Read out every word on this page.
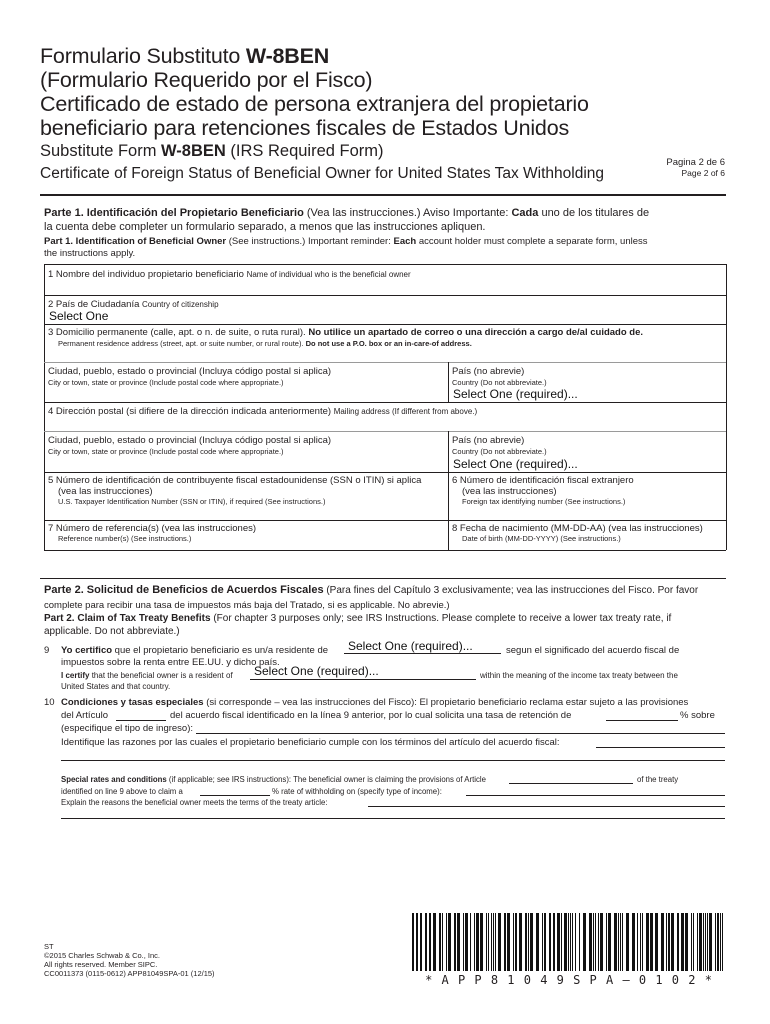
Formulario Substituto W-8BEN
(Formulario Requerido por el Fisco)
Certificado de estado de persona extranjera del propietario
beneficiario para retenciones fiscales de Estados Unidos
Substitute Form W-8BEN (IRS Required Form)
Certificate of Foreign Status of Beneficial Owner for United States Tax Withholding
Pagina 2 de 6
Page 2 of 6
Parte 1. Identificación del Propietario Beneficiario (Vea las instrucciones.) Aviso Importante: Cada uno de los titulares de
la cuenta debe completer un formulario separado, a menos que las instrucciones apliquen.
Part 1. Identification of Beneficial Owner (See instructions.) Important reminder: Each account holder must complete a separate form, unless
the instructions apply.
1 Nombre del individuo propietario beneficiario Name of individual who is the beneficial owner
2 País de Ciudadanía Country of citizenship
Select One
3 Domicilio permanente (calle, apt. o n. de suite, o ruta rural). No utilice un apartado de correo o una dirección a cargo de/al cuidado de.
Permanent residence address (street, apt. or suite number, or rural route). Do not use a P.O. box or an in-care-of address.
Ciudad, pueblo, estado o provincial (Incluya código postal si aplica)
City or town, state or province (Include postal code where appropriate.)
País (no abrevie)
Country (Do not abbreviate.)
Select One (required)...
4 Dirección postal (si difiere de la dirección indicada anteriormente) Mailing address (If different from above.)
Ciudad, pueblo, estado o provincial (Incluya código postal si aplica)
City or town, state or province (Include postal code where appropriate.)
País (no abrevie)
Country (Do not abbreviate.)
Select One (required)...
5 Número de identificación de contribuyente fiscal estadounidense (SSN o ITIN) si aplica
(vea las instrucciones)
U.S. Taxpayer Identification Number (SSN or ITIN), if required (See instructions.)
6 Número de identificación fiscal extranjero
(vea las instrucciones)
Foreign tax identifying number (See instructions.)
7 Número de referencia(s) (vea las instrucciones)
Reference number(s) (See instructions.)
8 Fecha de nacimiento (MM-DD-AA) (vea las instrucciones)
Date of birth (MM-DD-YYYY) (See instructions.)
Parte 2. Solicitud de Beneficios de Acuerdos Fiscales (Para fines del Capítulo 3 exclusivamente; vea las instrucciones del Fisco. Por favor
complete para recibir una tasa de impuestos más baja del Tratado, si es applicable. No abrevie.)
Part 2. Claim of Tax Treaty Benefits (For chapter 3 purposes only; see IRS Instructions. Please complete to receive a lower tax treaty rate, if
applicable. Do not abbreviate.)
9 Yo certifico que el propietario beneficiario es un/a residente de Select One (required)...	segun el significado del acuerdo fiscal de
impuestos sobre la renta entre EE.UU. y dicho país.
I certify that the beneficial owner is a resident of Select One (required)...	within the meaning of the income tax treaty between the
United States and that country.
10 Condiciones y tasas especiales (si corresponde – vea las instrucciones del Fisco): El propietario beneficiario reclama estar sujeto a las provisiones
del Artículo	del acuerdo fiscal identificado en la línea 9 anterior, por lo cual solicita una tasa de retención de	% sobre
(especifique el tipo de ingreso):
Identifique las razones por las cuales el propietario beneficiario cumple con los términos del artículo del acuerdo fiscal:
Special rates and conditions (if applicable; see IRS instructions): The beneficial owner is claiming the provisions of Article	of the treaty
identified on line 9 above to claim a	% rate of withholding on (specify type of income):
Explain the reasons the beneficial owner meets the terms of the treaty article:
ST
©2015 Charles Schwab & Co., Inc.
All rights reserved. Member SIPC.
CC0011373 (0115-0612) APP81049SPA-01 (12/15)	* A P P 8 1 0 4 9 S P A – 0 1 0 2 *
